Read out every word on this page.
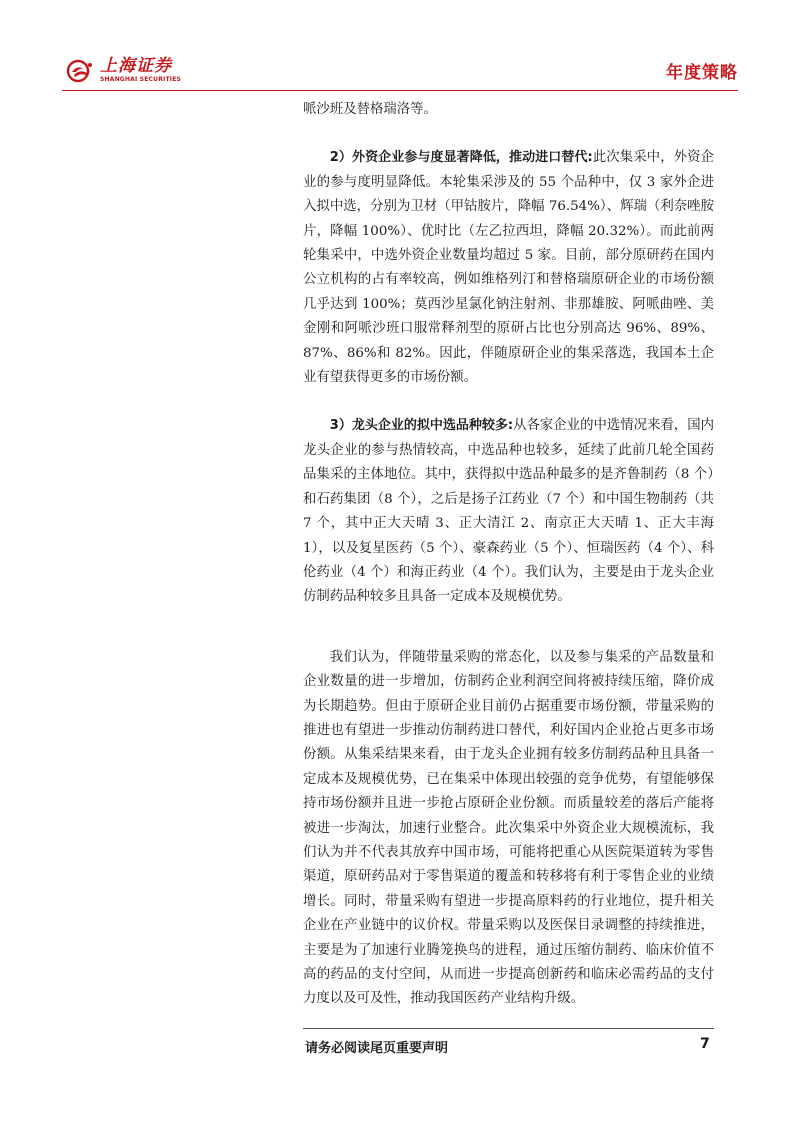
上海证券
SHANGHAI SECURITIES	年度策略

哌沙班及替格瑞洛等。

2）外资企业参与度显著降低，推动进口替代:此次集采中，外资企业的参与度明显降低。本轮集采涉及的 55 个品种中，仅 3 家外企进入拟中选，分别为卫材（甲钴胺片，降幅 76.54%）、辉瑞（利奈唑胺片，降幅 100%）、优时比（左乙拉西坦，降幅 20.32%）。而此前两轮集采中，中选外资企业数量均超过 5 家。目前，部分原研药在国内公立机构的占有率较高，例如维格列汀和替格瑞原研企业的市场份额几乎达到 100%；莫西沙星氯化钠注射剂、非那雄胺、阿哌曲唑、美金刚和阿哌沙班口服常释剂型的原研占比也分别高达 96%、89%、87%、86%和 82%。因此，伴随原研企业的集采落选，我国本土企业有望获得更多的市场份额。

3）龙头企业的拟中选品种较多:从各家企业的中选情况来看，国内龙头企业的参与热情较高，中选品种也较多，延续了此前几轮全国药品集采的主体地位。其中，获得拟中选品种最多的是齐鲁制药（8 个）和石药集团（8 个），之后是扬子江药业（7 个）和中国生物制药（共 7 个，其中正大天晴 3、正大清江 2、南京正大天晴 1、正大丰海 1），以及复星医药（5 个）、豪森药业（5 个）、恒瑞医药（4 个）、科伦药业（4 个）和海正药业（4 个）。我们认为，主要是由于龙头企业仿制药品种较多且具备一定成本及规模优势。

我们认为，伴随带量采购的常态化，以及参与集采的产品数量和企业数量的进一步增加，仿制药企业利润空间将被持续压缩，降价成为长期趋势。但由于原研企业目前仍占据重要市场份额，带量采购的推进也有望进一步推动仿制药进口替代，利好国内企业抢占更多市场份额。从集采结果来看，由于龙头企业拥有较多仿制药品种且具备一定成本及规模优势，已在集采中体现出较强的竞争优势，有望能够保持市场份额并且进一步抢占原研企业份额。而质量较差的落后产能将被进一步淘汰，加速行业整合。此次集采中外资企业大规模流标，我们认为并不代表其放弃中国市场，可能将把重心从医院渠道转为零售渠道，原研药品对于零售渠道的覆盖和转移将有利于零售企业的业绩增长。同时，带量采购有望进一步提高原料药的行业地位，提升相关企业在产业链中的议价权。带量采购以及医保目录调整的持续推进，主要是为了加速行业腾笼换鸟的进程，通过压缩仿制药、临床价值不高的药品的支付空间，从而进一步提高创新药和临床必需药品的支付力度以及可及性，推动我国医药产业结构升级。

请务必阅读尾页重要声明	7
